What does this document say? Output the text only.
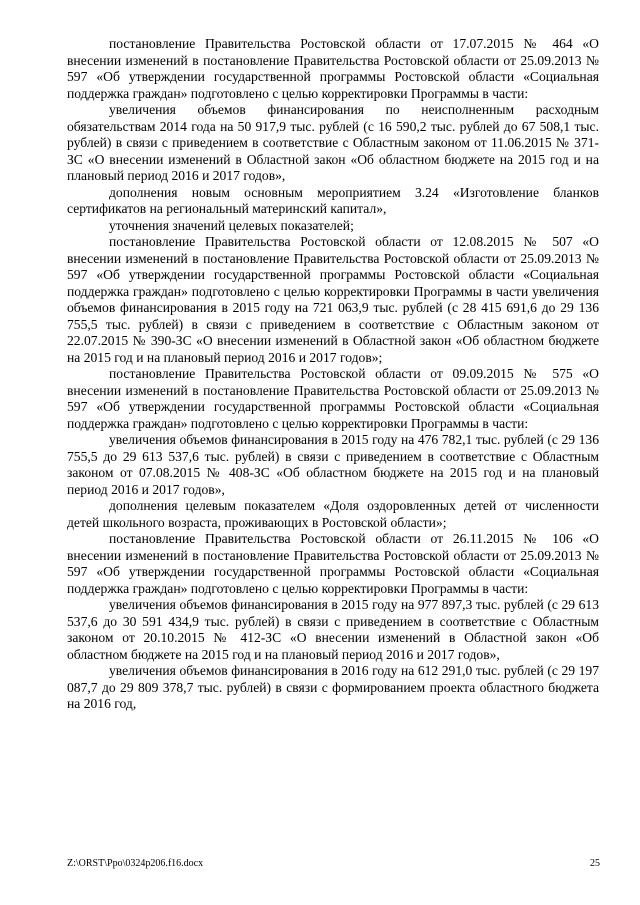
постановление Правительства Ростовской области от 17.07.2015 № 464 «О внесении изменений в постановление Правительства Ростовской области от 25.09.2013 № 597 «Об утверждении государственной программы Ростовской области «Социальная поддержка граждан» подготовлено с целью корректировки Программы в части:

увеличения объемов финансирования по неисполненным расходным обязательствам 2014 года на 50 917,9 тыс. рублей (с 16 590,2 тыс. рублей до 67 508,1 тыс. рублей) в связи с приведением в соответствие с Областным законом от 11.06.2015 № 371-ЗС «О внесении изменений в Областной закон «Об областном бюджете на 2015 год и на плановый период 2016 и 2017 годов»,

дополнения новым основным мероприятием 3.24 «Изготовление бланков сертификатов на региональный материнский капитал»,

уточнения значений целевых показателей;

постановление Правительства Ростовской области от 12.08.2015 № 507 «О внесении изменений в постановление Правительства Ростовской области от 25.09.2013 № 597 «Об утверждении государственной программы Ростовской области «Социальная поддержка граждан» подготовлено с целью корректировки Программы в части увеличения объемов финансирования в 2015 году на 721 063,9 тыс. рублей (с 28 415 691,6 до 29 136 755,5 тыс. рублей) в связи с приведением в соответствие с Областным законом от 22.07.2015 № 390-ЗС «О внесении изменений в Областной закон «Об областном бюджете на 2015 год и на плановый период 2016 и 2017 годов»;

постановление Правительства Ростовской области от 09.09.2015 № 575 «О внесении изменений в постановление Правительства Ростовской области от 25.09.2013 № 597 «Об утверждении государственной программы Ростовской области «Социальная поддержка граждан» подготовлено с целью корректировки Программы в части:

увеличения объемов финансирования в 2015 году на 476 782,1 тыс. рублей (с 29 136 755,5 до 29 613 537,6 тыс. рублей) в связи с приведением в соответствие с Областным законом от 07.08.2015 № 408-ЗС «Об областном бюджете на 2015 год и на плановый период 2016 и 2017 годов»,

дополнения целевым показателем «Доля оздоровленных детей от численности детей школьного возраста, проживающих в Ростовской области»;

постановление Правительства Ростовской области от 26.11.2015 № 106 «О внесении изменений в постановление Правительства Ростовской области от 25.09.2013 № 597 «Об утверждении государственной программы Ростовской области «Социальная поддержка граждан» подготовлено с целью корректировки Программы в части:

увеличения объемов финансирования в 2015 году на 977 897,3 тыс. рублей (с 29 613 537,6 до 30 591 434,9 тыс. рублей) в связи с приведением в соответствие с Областным законом от 20.10.2015 № 412-ЗС «О внесении изменений в Областной закон «Об областном бюджете на 2015 год и на плановый период 2016 и 2017 годов»,

увеличения объемов финансирования в 2016 году на 612 291,0 тыс. рублей (с 29 197 087,7 до 29 809 378,7 тыс. рублей) в связи с формированием проекта областного бюджета на 2016 год,

Z:\ORST\Ppo\0324p206.f16.docx	25
